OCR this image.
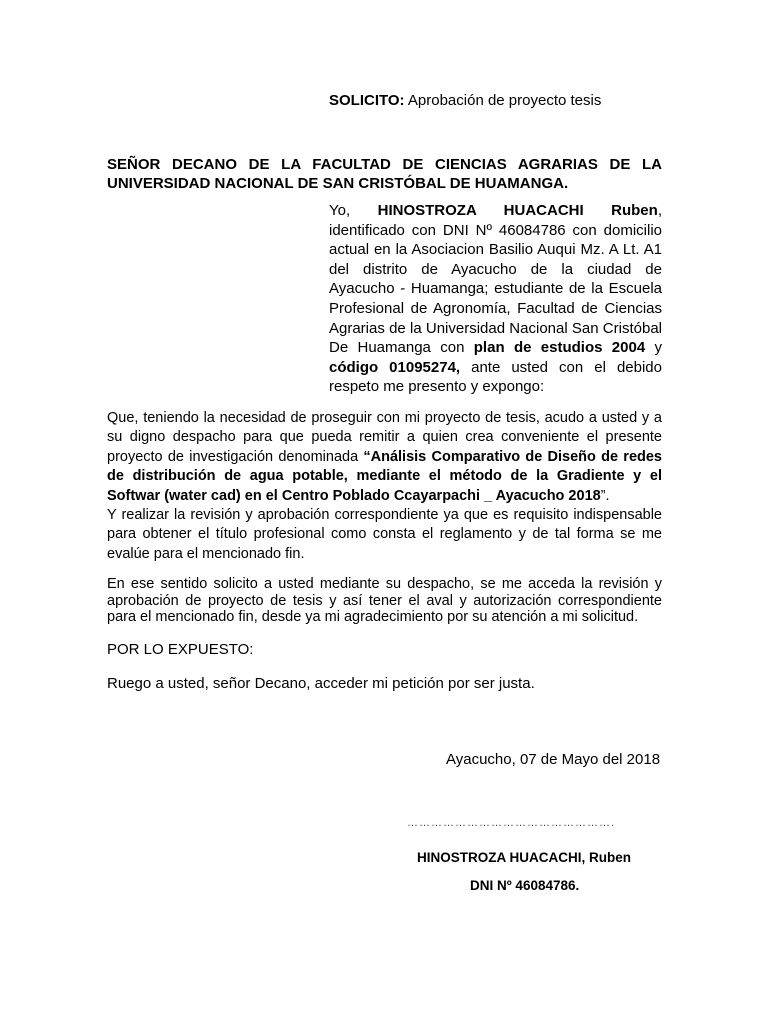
SOLICITO: Aprobación de proyecto tesis
SEÑOR DECANO DE LA FACULTAD DE CIENCIAS AGRARIAS DE LA UNIVERSIDAD NACIONAL DE SAN CRISTÓBAL DE HUAMANGA.
Yo, HINOSTROZA HUACACHI Ruben, identificado con DNI Nº 46084786 con domicilio actual en la Asociacion Basilio Auqui Mz. A Lt. A1 del distrito de Ayacucho de la ciudad de Ayacucho - Huamanga; estudiante de la Escuela Profesional de Agronomía, Facultad de Ciencias Agrarias de la Universidad Nacional San Cristóbal De Huamanga con plan de estudios 2004 y código 01095274, ante usted con el debido respeto me presento y expongo:
Que, teniendo la necesidad de proseguir con mi proyecto de tesis, acudo a usted y a su digno despacho para que pueda remitir a quien crea conveniente el presente proyecto de investigación denominada “Análisis Comparativo de Diseño de redes de distribución de agua potable, mediante el método de la Gradiente y el Softwar (water cad) en el Centro Poblado Ccayarpachi _ Ayacucho 2018”.
Y realizar la revisión y aprobación correspondiente ya que es requisito indispensable para obtener el título profesional como consta el reglamento y de tal forma se me evalúe para el mencionado fin.
En ese sentido solicito a usted mediante su despacho, se me acceda la revisión y aprobación de proyecto de tesis y así tener el aval y autorización correspondiente para el mencionado fin, desde ya mi agradecimiento por su atención a mi solicitud.
POR LO EXPUESTO:
Ruego a usted, señor Decano, acceder mi petición por ser justa.
Ayacucho, 07 de Mayo del 2018
…………………………………………….
HINOSTROZA HUACACHI, Ruben
DNI Nº 46084786.
